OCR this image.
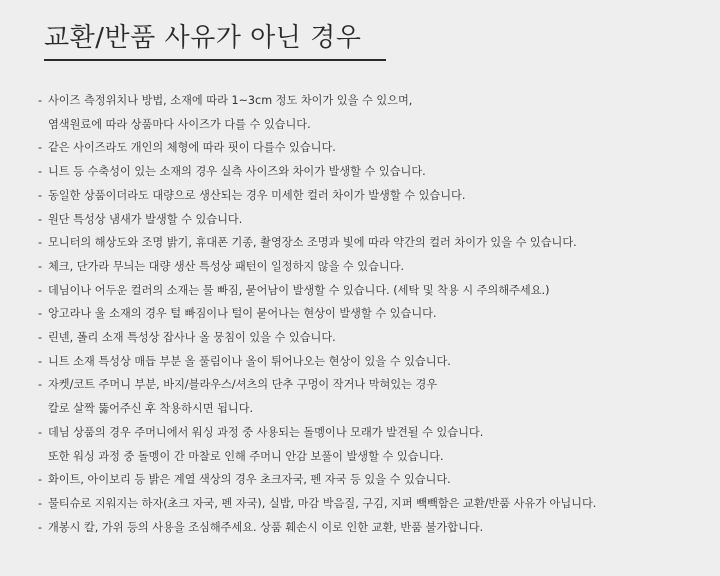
교환/반품 사유가 아닌 경우
- 사이즈 측정위치나 방법, 소재에 따라 1~3cm 정도 차이가 있을 수 있으며,
염색원료에 따라 상품마다 사이즈가 다를 수 있습니다.
- 같은 사이즈라도 개인의 체형에 따라 핏이 다를수 있습니다.
- 니트 등 수축성이 있는 소재의 경우 실측 사이즈와 차이가 발생할 수 있습니다.
- 동일한 상품이더라도 대량으로 생산되는 경우 미세한 컬러 차이가 발생할 수 있습니다.
- 원단 특성상 냄새가 발생할 수 있습니다.
- 모니터의 해상도와 조명 밝기, 휴대폰 기종, 촬영장소 조명과 빛에 따라 약간의 컬러 차이가 있을 수 있습니다.
- 체크, 단가라 무늬는 대량 생산 특성상 패턴이 일정하지 않을 수 있습니다.
- 데님이나 어두운 컬러의 소재는 물 빠짐, 묻어남이 발생할 수 있습니다. (세탁 및 착용 시 주의해주세요.)
- 앙고라나 울 소재의 경우 털 빠짐이나 털이 묻어나는 현상이 발생할 수 있습니다.
- 린넨, 폴리 소재 특성상 잡사나 올 뭉침이 있을 수 있습니다.
- 니트 소재 특성상 매듭 부분 올 풀림이나 올이 튀어나오는 현상이 있을 수 있습니다.
- 자켓/코트 주머니 부분, 바지/블라우스/셔츠의 단추 구멍이 작거나 막혀있는 경우
칼로 살짝 뚫어주신 후 착용하시면 됩니다.
- 데님 상품의 경우 주머니에서 워싱 과정 중 사용되는 돌멩이나 모래가 발견될 수 있습니다.
또한 워싱 과정 중 돌멩이 간 마찰로 인해 주머니 안감 보풀이 발생할 수 있습니다.
- 화이트, 아이보리 등 밝은 계열 색상의 경우 초크자국, 펜 자국 등 있을 수 있습니다.
- 물티슈로 지워지는 하자(초크 자국, 펜 자국), 실밥, 마감 박음질, 구김, 지퍼 빽빽함은 교환/반품 사유가 아닙니다.
- 개봉시 칼, 가위 등의 사용을 조심해주세요. 상품 훼손시 이로 인한 교환, 반품 불가합니다.
